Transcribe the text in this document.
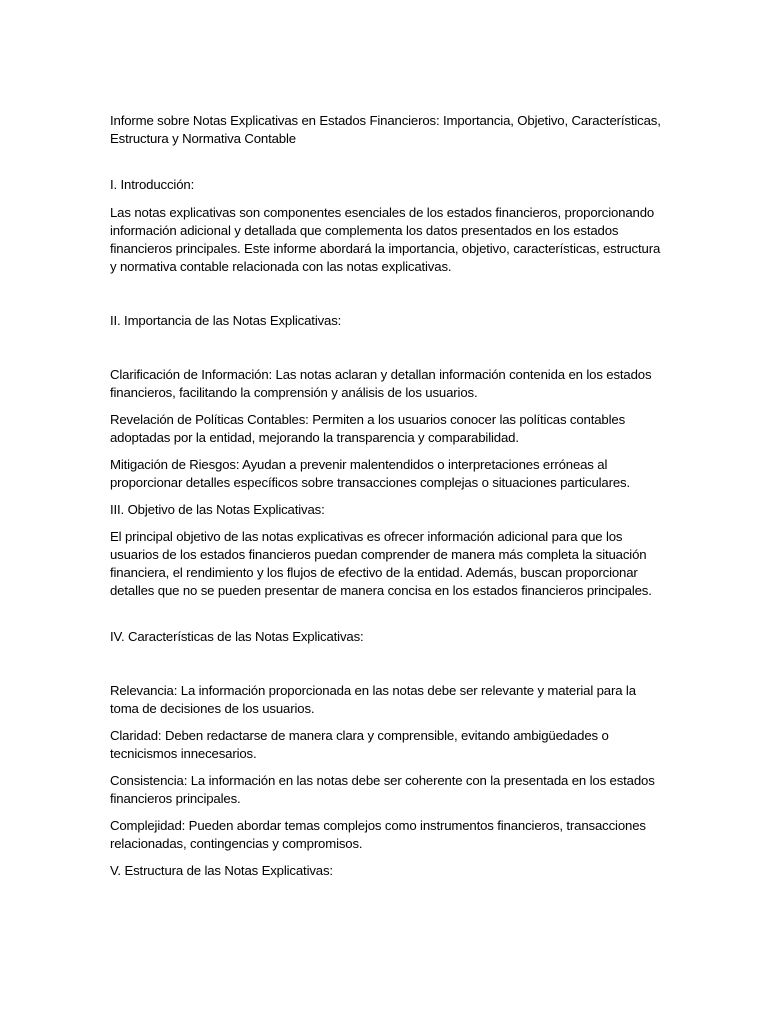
Informe sobre Notas Explicativas en Estados Financieros: Importancia, Objetivo, Características, Estructura y Normativa Contable

I. Introducción:

Las notas explicativas son componentes esenciales de los estados financieros, proporcionando información adicional y detallada que complementa los datos presentados en los estados financieros principales. Este informe abordará la importancia, objetivo, características, estructura y normativa contable relacionada con las notas explicativas.

II. Importancia de las Notas Explicativas:

Clarificación de Información: Las notas aclaran y detallan información contenida en los estados financieros, facilitando la comprensión y análisis de los usuarios.

Revelación de Políticas Contables: Permiten a los usuarios conocer las políticas contables adoptadas por la entidad, mejorando la transparencia y comparabilidad.

Mitigación de Riesgos: Ayudan a prevenir malentendidos o interpretaciones erróneas al proporcionar detalles específicos sobre transacciones complejas o situaciones particulares.

III. Objetivo de las Notas Explicativas:

El principal objetivo de las notas explicativas es ofrecer información adicional para que los usuarios de los estados financieros puedan comprender de manera más completa la situación financiera, el rendimiento y los flujos de efectivo de la entidad. Además, buscan proporcionar detalles que no se pueden presentar de manera concisa en los estados financieros principales.

IV. Características de las Notas Explicativas:

Relevancia: La información proporcionada en las notas debe ser relevante y material para la toma de decisiones de los usuarios.

Claridad: Deben redactarse de manera clara y comprensible, evitando ambigüedades o tecnicismos innecesarios.

Consistencia: La información en las notas debe ser coherente con la presentada en los estados financieros principales.

Complejidad: Pueden abordar temas complejos como instrumentos financieros, transacciones relacionadas, contingencias y compromisos.

V. Estructura de las Notas Explicativas:
